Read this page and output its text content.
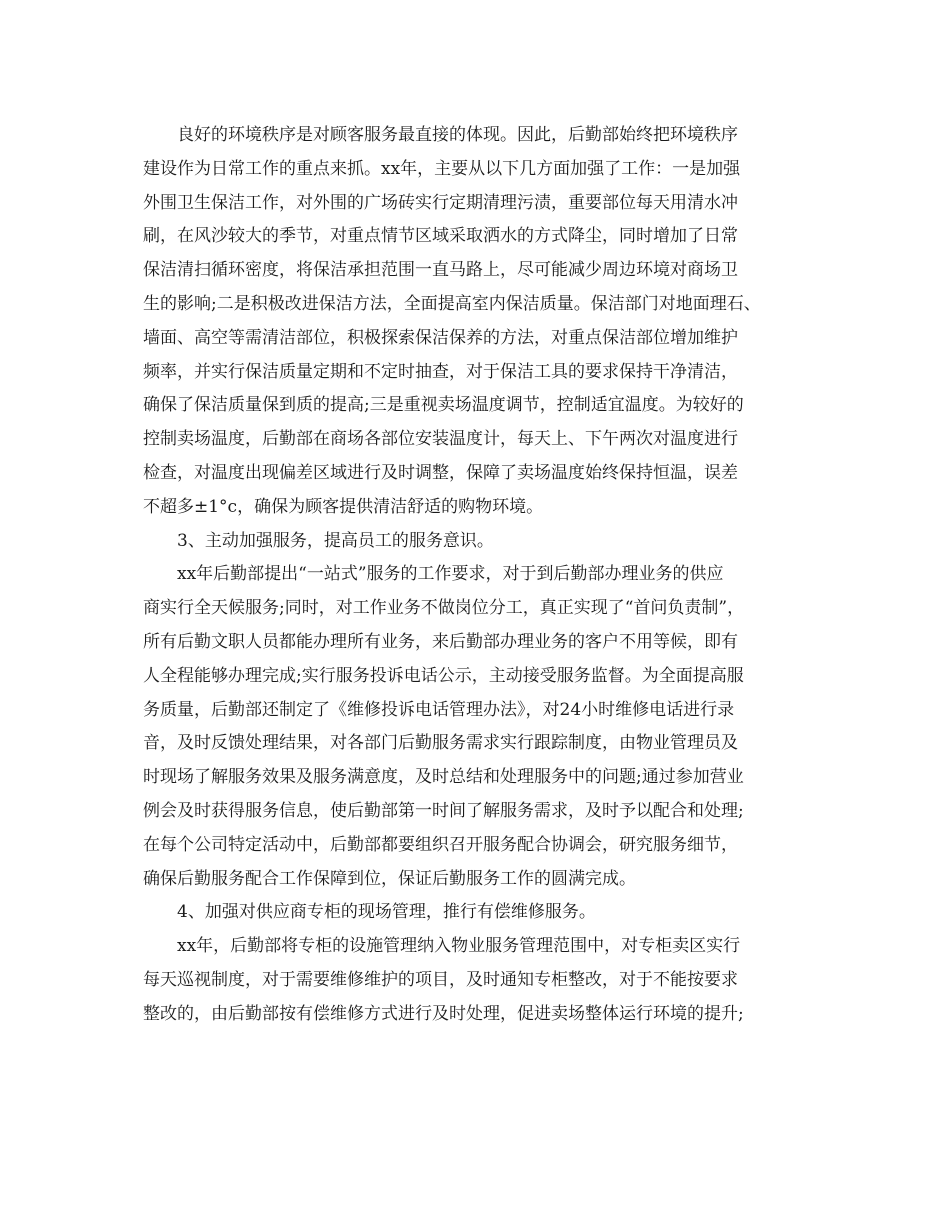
良好的环境秩序是对顾客服务最直接的体现。因此，后勤部始终把环境秩序
建设作为日常工作的重点来抓。xx年，主要从以下几方面加强了工作：一是加强
外围卫生保洁工作，对外围的广场砖实行定期清理污渍，重要部位每天用清水冲
刷，在风沙较大的季节，对重点情节区域采取洒水的方式降尘，同时增加了日常
保洁清扫循环密度，将保洁承担范围一直马路上，尽可能减少周边环境对商场卫
生的影响;二是积极改进保洁方法，全面提高室内保洁质量。保洁部门对地面理石、
墙面、高空等需清洁部位，积极探索保洁保养的方法，对重点保洁部位增加维护
频率，并实行保洁质量定期和不定时抽查，对于保洁工具的要求保持干净清洁，
确保了保洁质量保到质的提高;三是重视卖场温度调节，控制适宜温度。为较好的
控制卖场温度，后勤部在商场各部位安装温度计，每天上、下午两次对温度进行
检查，对温度出现偏差区域进行及时调整，保障了卖场温度始终保持恒温，误差
不超多±1°c，确保为顾客提供清洁舒适的购物环境。
3、主动加强服务，提高员工的服务意识。
xx年后勤部提出“一站式”服务的工作要求，对于到后勤部办理业务的供应
商实行全天候服务;同时，对工作业务不做岗位分工，真正实现了“首问负责制”，
所有后勤文职人员都能办理所有业务，来后勤部办理业务的客户不用等候，即有
人全程能够办理完成;实行服务投诉电话公示，主动接受服务监督。为全面提高服
务质量，后勤部还制定了《维修投诉电话管理办法》，对24小时维修电话进行录
音，及时反馈处理结果，对各部门后勤服务需求实行跟踪制度，由物业管理员及
时现场了解服务效果及服务满意度，及时总结和处理服务中的问题;通过参加营业
例会及时获得服务信息，使后勤部第一时间了解服务需求，及时予以配合和处理;
在每个公司特定活动中，后勤部都要组织召开服务配合协调会，研究服务细节，
确保后勤服务配合工作保障到位，保证后勤服务工作的圆满完成。
4、加强对供应商专柜的现场管理，推行有偿维修服务。
xx年，后勤部将专柜的设施管理纳入物业服务管理范围中，对专柜卖区实行
每天巡视制度，对于需要维修维护的项目，及时通知专柜整改，对于不能按要求
整改的，由后勤部按有偿维修方式进行及时处理，促进卖场整体运行环境的提升;
